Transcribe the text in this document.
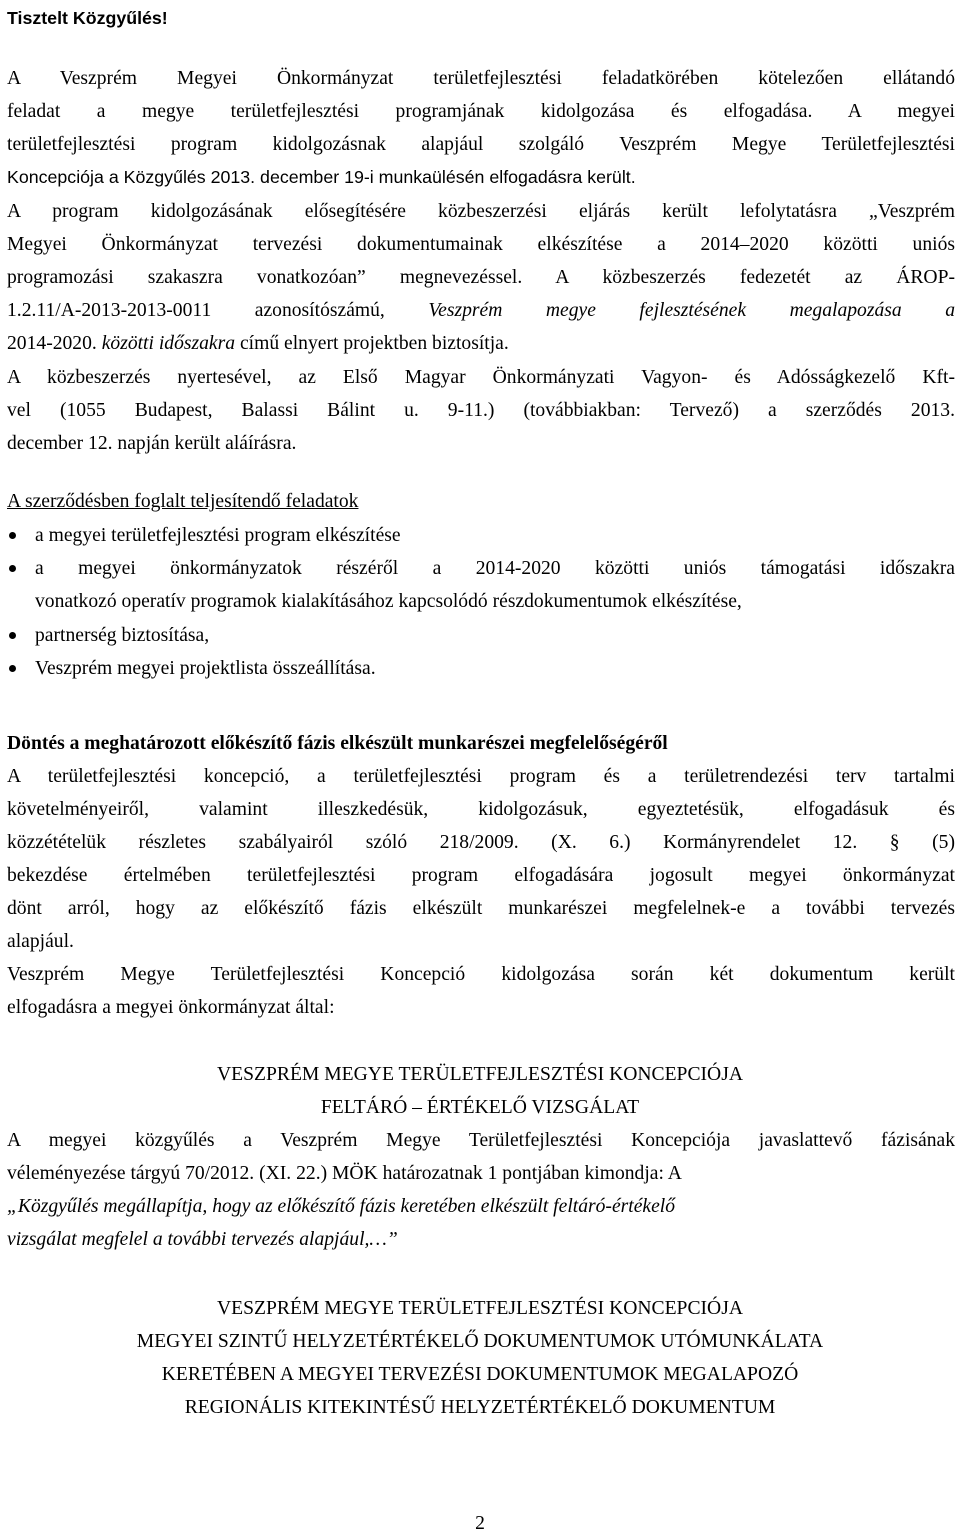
Tisztelt Közgyűlés!

A Veszprém Megyei Önkormányzat területfejlesztési feladatkörében kötelezően ellátandó

feladat a megye területfejlesztési programjának kidolgozása és elfogadása. A megyei

területfejlesztési program kidolgozásnak alapjául szolgáló Veszprém Megye Területfejlesztési

Koncepciója a Közgyűlés 2013. december 19-i munkaülésén elfogadásra került.

A program kidolgozásának elősegítésére közbeszerzési eljárás került lefolytatásra „Veszprém

Megyei Önkormányzat tervezési dokumentumainak elkészítése a 2014–2020 közötti uniós

programozási szakaszra vonatkozóan” megnevezéssel. A közbeszerzés fedezetét az ÁROP-

1.2.11/A-2013-2013-0011 azonosítószámú, Veszprém megye fejlesztésének megalapozása a

2014-2020. közötti időszakra című elnyert projektben biztosítja.

A közbeszerzés nyertesével, az Első Magyar Önkormányzati Vagyon- és Adósságkezelő Kft-

vel (1055 Budapest, Balassi Bálint u. 9-11.) (továbbiakban: Tervező) a szerződés 2013.

december 12. napján került aláírásra.

A szerződésben foglalt teljesítendő feladatok

a megyei területfejlesztési program elkészítése
a megyei önkormányzatok részéről a 2014-2020 közötti uniós támogatási időszakra
vonatkozó operatív programok kialakításához kapcsolódó részdokumentumok elkészítése,
partnerség biztosítása,
Veszprém megyei projektlista összeállítása.

Döntés a meghatározott előkészítő fázis elkészült munkarészei megfelelőségéről

A területfejlesztési koncepció, a területfejlesztési program és a területrendezési terv tartalmi

követelményeiről, valamint illeszkedésük, kidolgozásuk, egyeztetésük, elfogadásuk és

közzétételük részletes szabályairól szóló 218/2009. (X. 6.) Kormányrendelet 12. § (5)

bekezdése értelmében területfejlesztési program elfogadására jogosult megyei önkormányzat

dönt arról, hogy az előkészítő fázis elkészült munkarészei megfelelnek-e a további tervezés

alapjául.

Veszprém Megye Területfejlesztési Koncepció kidolgozása során két dokumentum került

elfogadásra a megyei önkormányzat által:

VESZPRÉM MEGYE TERÜLETFEJLESZTÉSI KONCEPCIÓJA

FELTÁRÓ – ÉRTÉKELŐ VIZSGÁLAT

A megyei közgyűlés a Veszprém Megye Területfejlesztési Koncepciója javaslattevő fázisának

véleményezése tárgyú 70/2012. (XI. 22.) MÖK határozatnak 1 pontjában kimondja: A

„Közgyűlés megállapítja, hogy az előkészítő fázis keretében elkészült feltáró-értékelő

vizsgálat megfelel a további tervezés alapjául,…”

VESZPRÉM MEGYE TERÜLETFEJLESZTÉSI KONCEPCIÓJA

MEGYEI SZINTŰ HELYZETÉRTÉKELŐ DOKUMENTUMOK UTÓMUNKÁLATA

KERETÉBEN A MEGYEI TERVEZÉSI DOKUMENTUMOK MEGALAPOZÓ

REGIONÁLIS KITEKINTÉSŰ HELYZETÉRTÉKELŐ DOKUMENTUM

2
